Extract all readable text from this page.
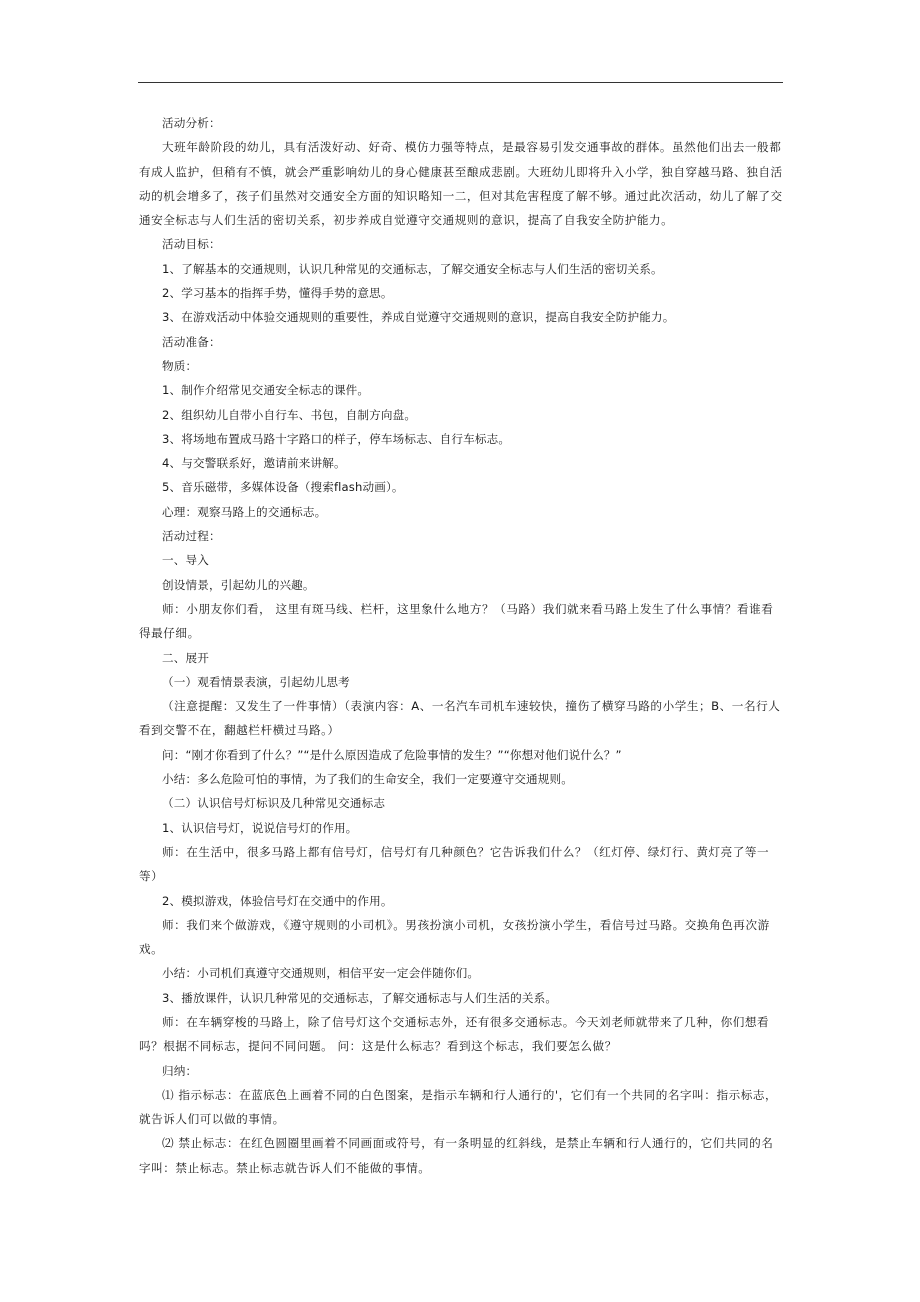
活动分析：

大班年龄阶段的幼儿，具有活泼好动、好奇、模仿力强等特点，是最容易引发交通事故的群体。虽然他们出去一般都有成人监护，但稍有不慎，就会严重影响幼儿的身心健康甚至酿成悲剧。大班幼儿即将升入小学，独自穿越马路、独自活动的机会增多了，孩子们虽然对交通安全方面的知识略知一二，但对其危害程度了解不够。通过此次活动，幼儿了解了交通安全标志与人们生活的密切关系，初步养成自觉遵守交通规则的意识，提高了自我安全防护能力。

活动目标：

1、了解基本的交通规则，认识几种常见的交通标志，了解交通安全标志与人们生活的密切关系。

2、学习基本的指挥手势，懂得手势的意思。

3、在游戏活动中体验交通规则的重要性，养成自觉遵守交通规则的意识，提高自我安全防护能力。

活动准备：

物质：

1、制作介绍常见交通安全标志的课件。

2、组织幼儿自带小自行车、书包，自制方向盘。

3、将场地布置成马路十字路口的样子，停车场标志、自行车标志。

4、与交警联系好，邀请前来讲解。

5、音乐磁带，多媒体设备（搜索flash动画）。

心理：观察马路上的交通标志。

活动过程：

一、导入

创设情景，引起幼儿的兴趣。

师：小朋友你们看， 这里有斑马线、栏杆，这里象什么地方？（马路）我们就来看马路上发生了什么事情？看谁看得最仔细。

二、展开

（一）观看情景表演，引起幼儿思考

（注意提醒：又发生了一件事情）（表演内容：A、一名汽车司机车速较快，撞伤了横穿马路的小学生；B、一名行人看到交警不在，翻越栏杆横过马路。）

问：“刚才你看到了什么？”“是什么原因造成了危险事情的发生？”“你想对他们说什么？”

小结：多么危险可怕的事情，为了我们的生命安全，我们一定要遵守交通规则。

（二）认识信号灯标识及几种常见交通标志

1、认识信号灯，说说信号灯的作用。

师：在生活中，很多马路上都有信号灯，信号灯有几种颜色？它告诉我们什么？（红灯停、绿灯行、黄灯亮了等一等）

2、模拟游戏，体验信号灯在交通中的作用。

师：我们来个做游戏，《遵守规则的小司机》。男孩扮演小司机，女孩扮演小学生，看信号过马路。交换角色再次游戏。

小结：小司机们真遵守交通规则，相信平安一定会伴随你们。

3、播放课件，认识几种常见的交通标志，了解交通标志与人们生活的关系。

师：在车辆穿梭的马路上，除了信号灯这个交通标志外，还有很多交通标志。今天刘老师就带来了几种，你们想看吗？根据不同标志，提问不同问题。 问：这是什么标志？看到这个标志，我们要怎么做？

归纳：

⑴ 指示标志：在蓝底色上画着不同的白色图案，是指示车辆和行人通行的'，它们有一个共同的名字叫：指示标志，就告诉人们可以做的事情。

⑵ 禁止标志：在红色圆圈里画着不同画面或符号，有一条明显的红斜线，是禁止车辆和行人通行的，它们共同的名字叫：禁止标志。禁止标志就告诉人们不能做的事情。
